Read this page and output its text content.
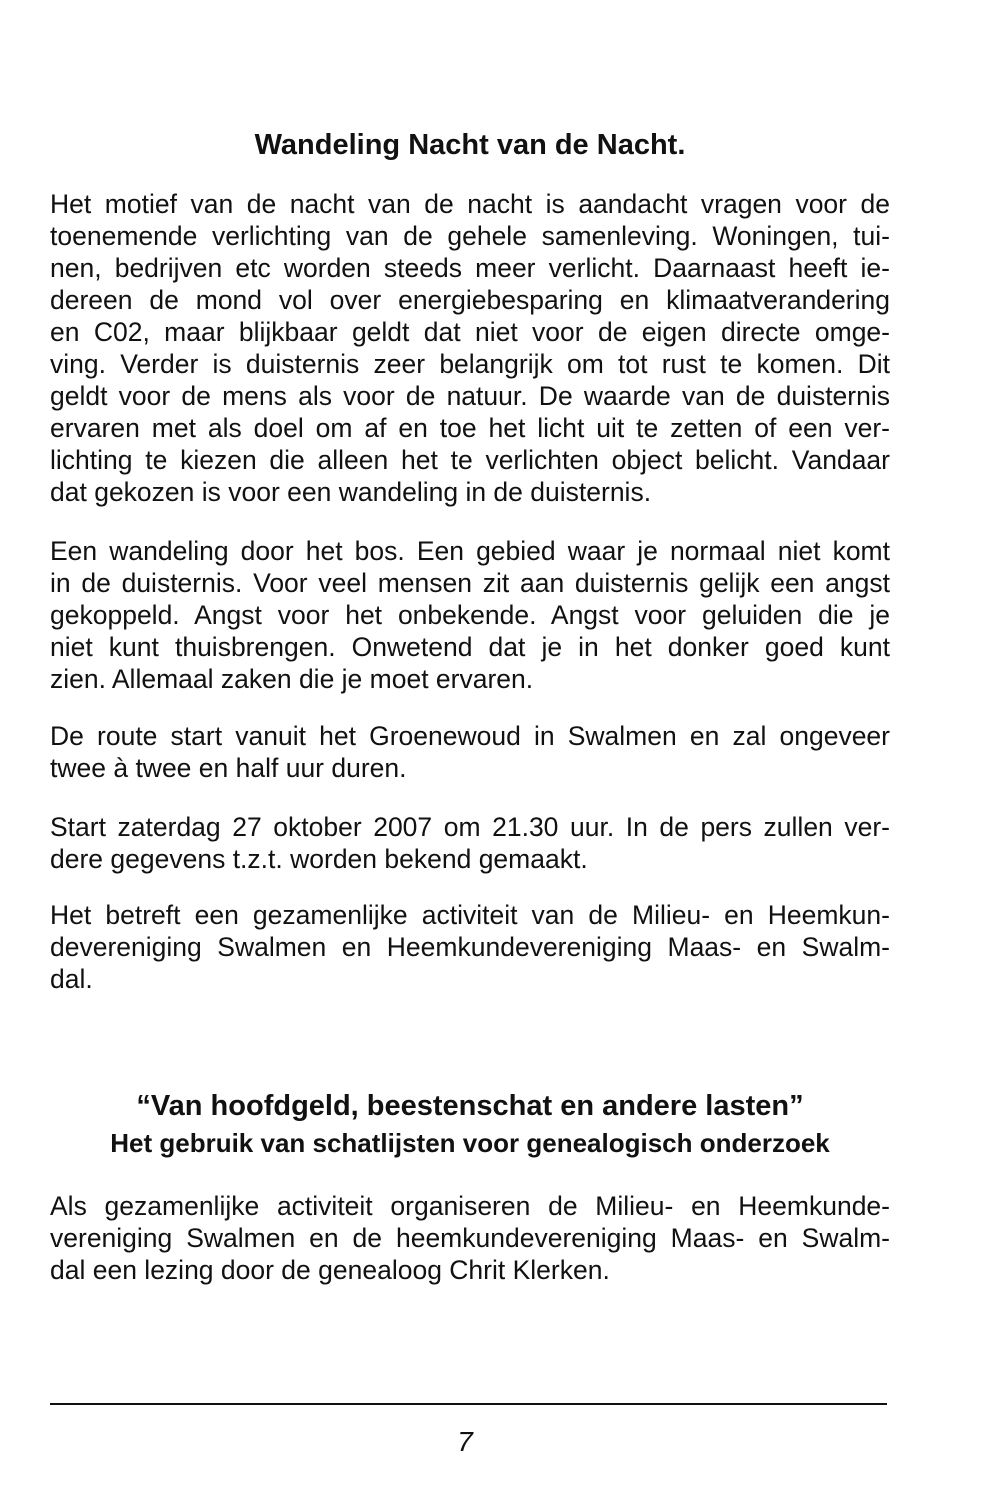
Wandeling Nacht van de Nacht.
Het motief van de nacht van de nacht is aandacht vragen voor de
toenemende verlichting van de gehele samenleving. Woningen, tui-
nen, bedrijven etc worden steeds meer verlicht. Daarnaast heeft ie-
dereen de mond vol over energiebesparing en klimaatverandering
en C02, maar blijkbaar geldt dat niet voor de eigen directe omge-
ving. Verder is duisternis zeer belangrijk om tot rust te komen. Dit
geldt voor de mens als voor de natuur. De waarde van de duisternis
ervaren met als doel om af en toe het licht uit te zetten of een ver-
lichting te kiezen die alleen het te verlichten object belicht. Vandaar
dat gekozen is voor een wandeling in de duisternis.
Een wandeling door het bos. Een gebied waar je normaal niet komt
in de duisternis. Voor veel mensen zit aan duisternis gelijk een angst
gekoppeld. Angst voor het onbekende. Angst voor geluiden die je
niet kunt thuisbrengen. Onwetend dat je in het donker goed kunt
zien. Allemaal zaken die je moet ervaren.
De route start vanuit het Groenewoud in Swalmen en zal ongeveer
twee à twee en half uur duren.
Start zaterdag 27 oktober 2007 om 21.30 uur. In de pers zullen ver-
dere gegevens t.z.t. worden bekend gemaakt.
Het betreft een gezamenlijke activiteit van de Milieu- en Heemkun-
devereniging Swalmen en Heemkundevereniging Maas- en Swalm-
dal.
“Van hoofdgeld, beestenschat en andere lasten”
Het gebruik van schatlijsten voor genealogisch onderzoek
Als gezamenlijke activiteit organiseren de Milieu- en Heemkunde-
vereniging Swalmen en de heemkundevereniging Maas- en Swalm-
dal een lezing door de genealoog Chrit Klerken.
7
